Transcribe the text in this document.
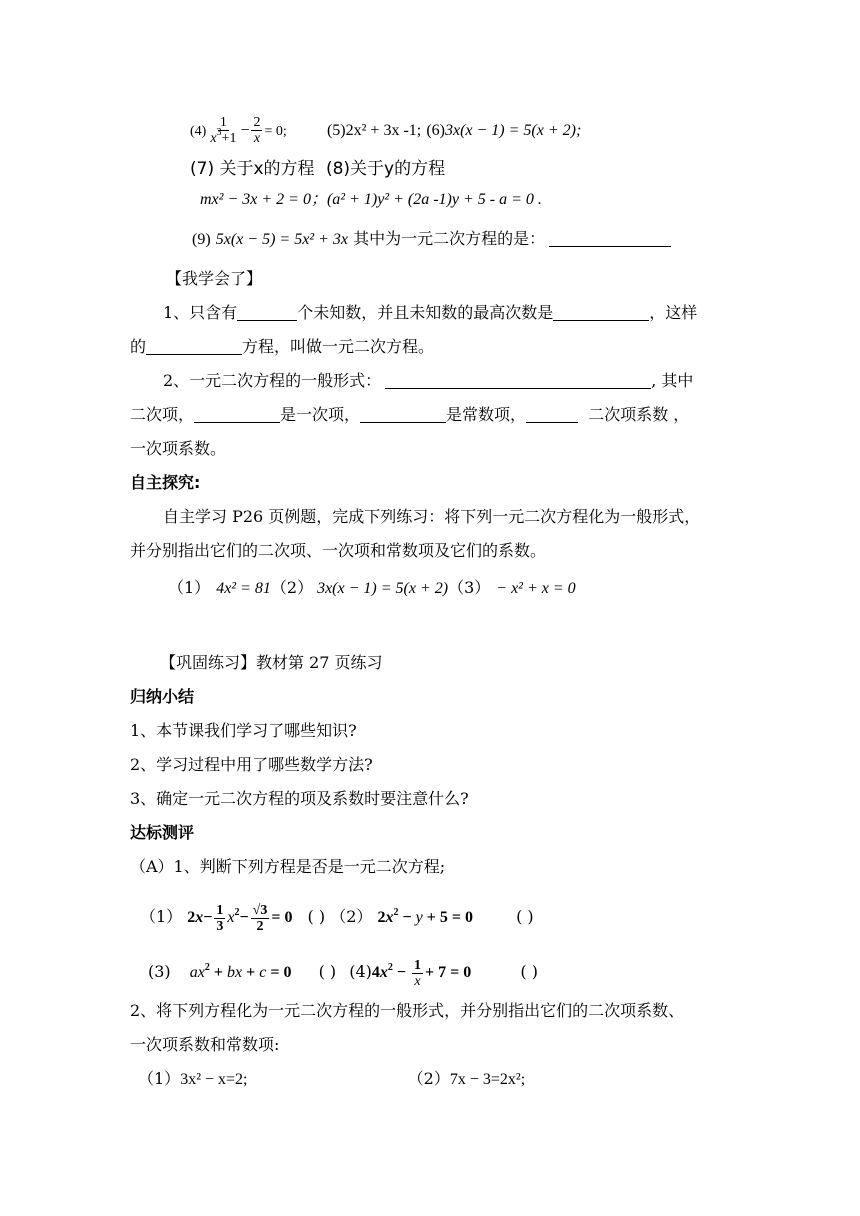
$(4) \frac{1}{x^3+1} - \frac{2}{x} = 0$;	(5)2x² + 3x -1; (6)3x(x − 1) = 5(x + 2);
(7) 关于x的方程 (8)关于y的方程
mx² − 3x + 2 = 0；(a² + 1)y² + (2a -1)y + 5 - a = 0 .
(9) 5x(x − 5) = 5x² + 3x 其中为一元二次方程的是：
【我学会了】
1、只含有	个未知数，并且未知数的最高次数是	，这样
的	方程，叫做一元二次方程。
2、一元二次方程的一般形式：	, 其中
二次项，	是一次项，	是常数项，	二次项系数 ，
一次项系数。
自主探究:
自主学习 P26 页例题，完成下列练习：将下列一元二次方程化为一般形式，
并分别指出它们的二次项、一次项和常数项及它们的系数。
（1） 4x² = 81（2） 3x(x − 1) = 5(x + 2)（3） − x² + x = 0
【巩固练习】教材第 27 页练习
归纳小结
1、本节课我们学习了哪些知识?
2、学习过程中用了哪些数学方法?
3、确定一元二次方程的项及系数时要注意什么?
达标测评
（A）1、判断下列方程是否是一元二次方程;
（1） $2x- \frac{1}{3} x^2- \frac{√3}{2} = 0$ ( ) （2） $2x^2 - y + 5 = 0$	( )
(3) $ax^2$ + bx + c = 0 ( ) $(4)4x^2 - \frac{1}{x} + 7 = 0$	( )
2、将下列方程化为一元二次方程的一般形式，并分别指出它们的二次项系数、
一次项系数和常数项:
（1）3x² − x=2;	（2）7x − 3=2x²;
